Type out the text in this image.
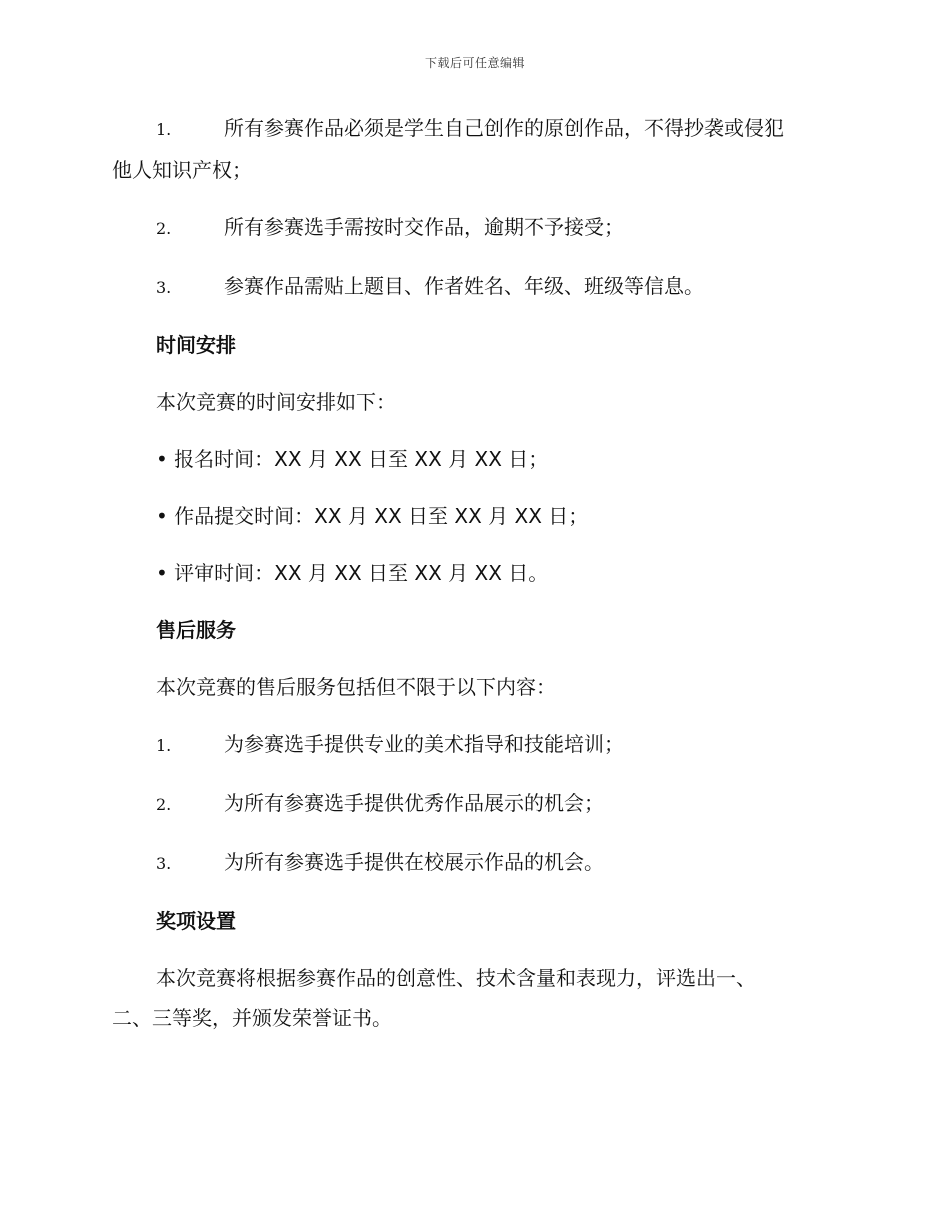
下载后可任意编辑
1.	所有参赛作品必须是学生自己创作的原创作品，不得抄袭或侵犯
他人知识产权；
2.	所有参赛选手需按时交作品，逾期不予接受；
3.	参赛作品需贴上题目、作者姓名、年级、班级等信息。
时间安排
本次竞赛的时间安排如下：
• 报名时间：XX 月 XX 日至 XX 月 XX 日；
• 作品提交时间：XX 月 XX 日至 XX 月 XX 日；
• 评审时间：XX 月 XX 日至 XX 月 XX 日。
售后服务
本次竞赛的售后服务包括但不限于以下内容：
1.	为参赛选手提供专业的美术指导和技能培训；
2.	为所有参赛选手提供优秀作品展示的机会；
3.	为所有参赛选手提供在校展示作品的机会。
奖项设置
本次竞赛将根据参赛作品的创意性、技术含量和表现力，评选出一、
二、三等奖，并颁发荣誉证书。
